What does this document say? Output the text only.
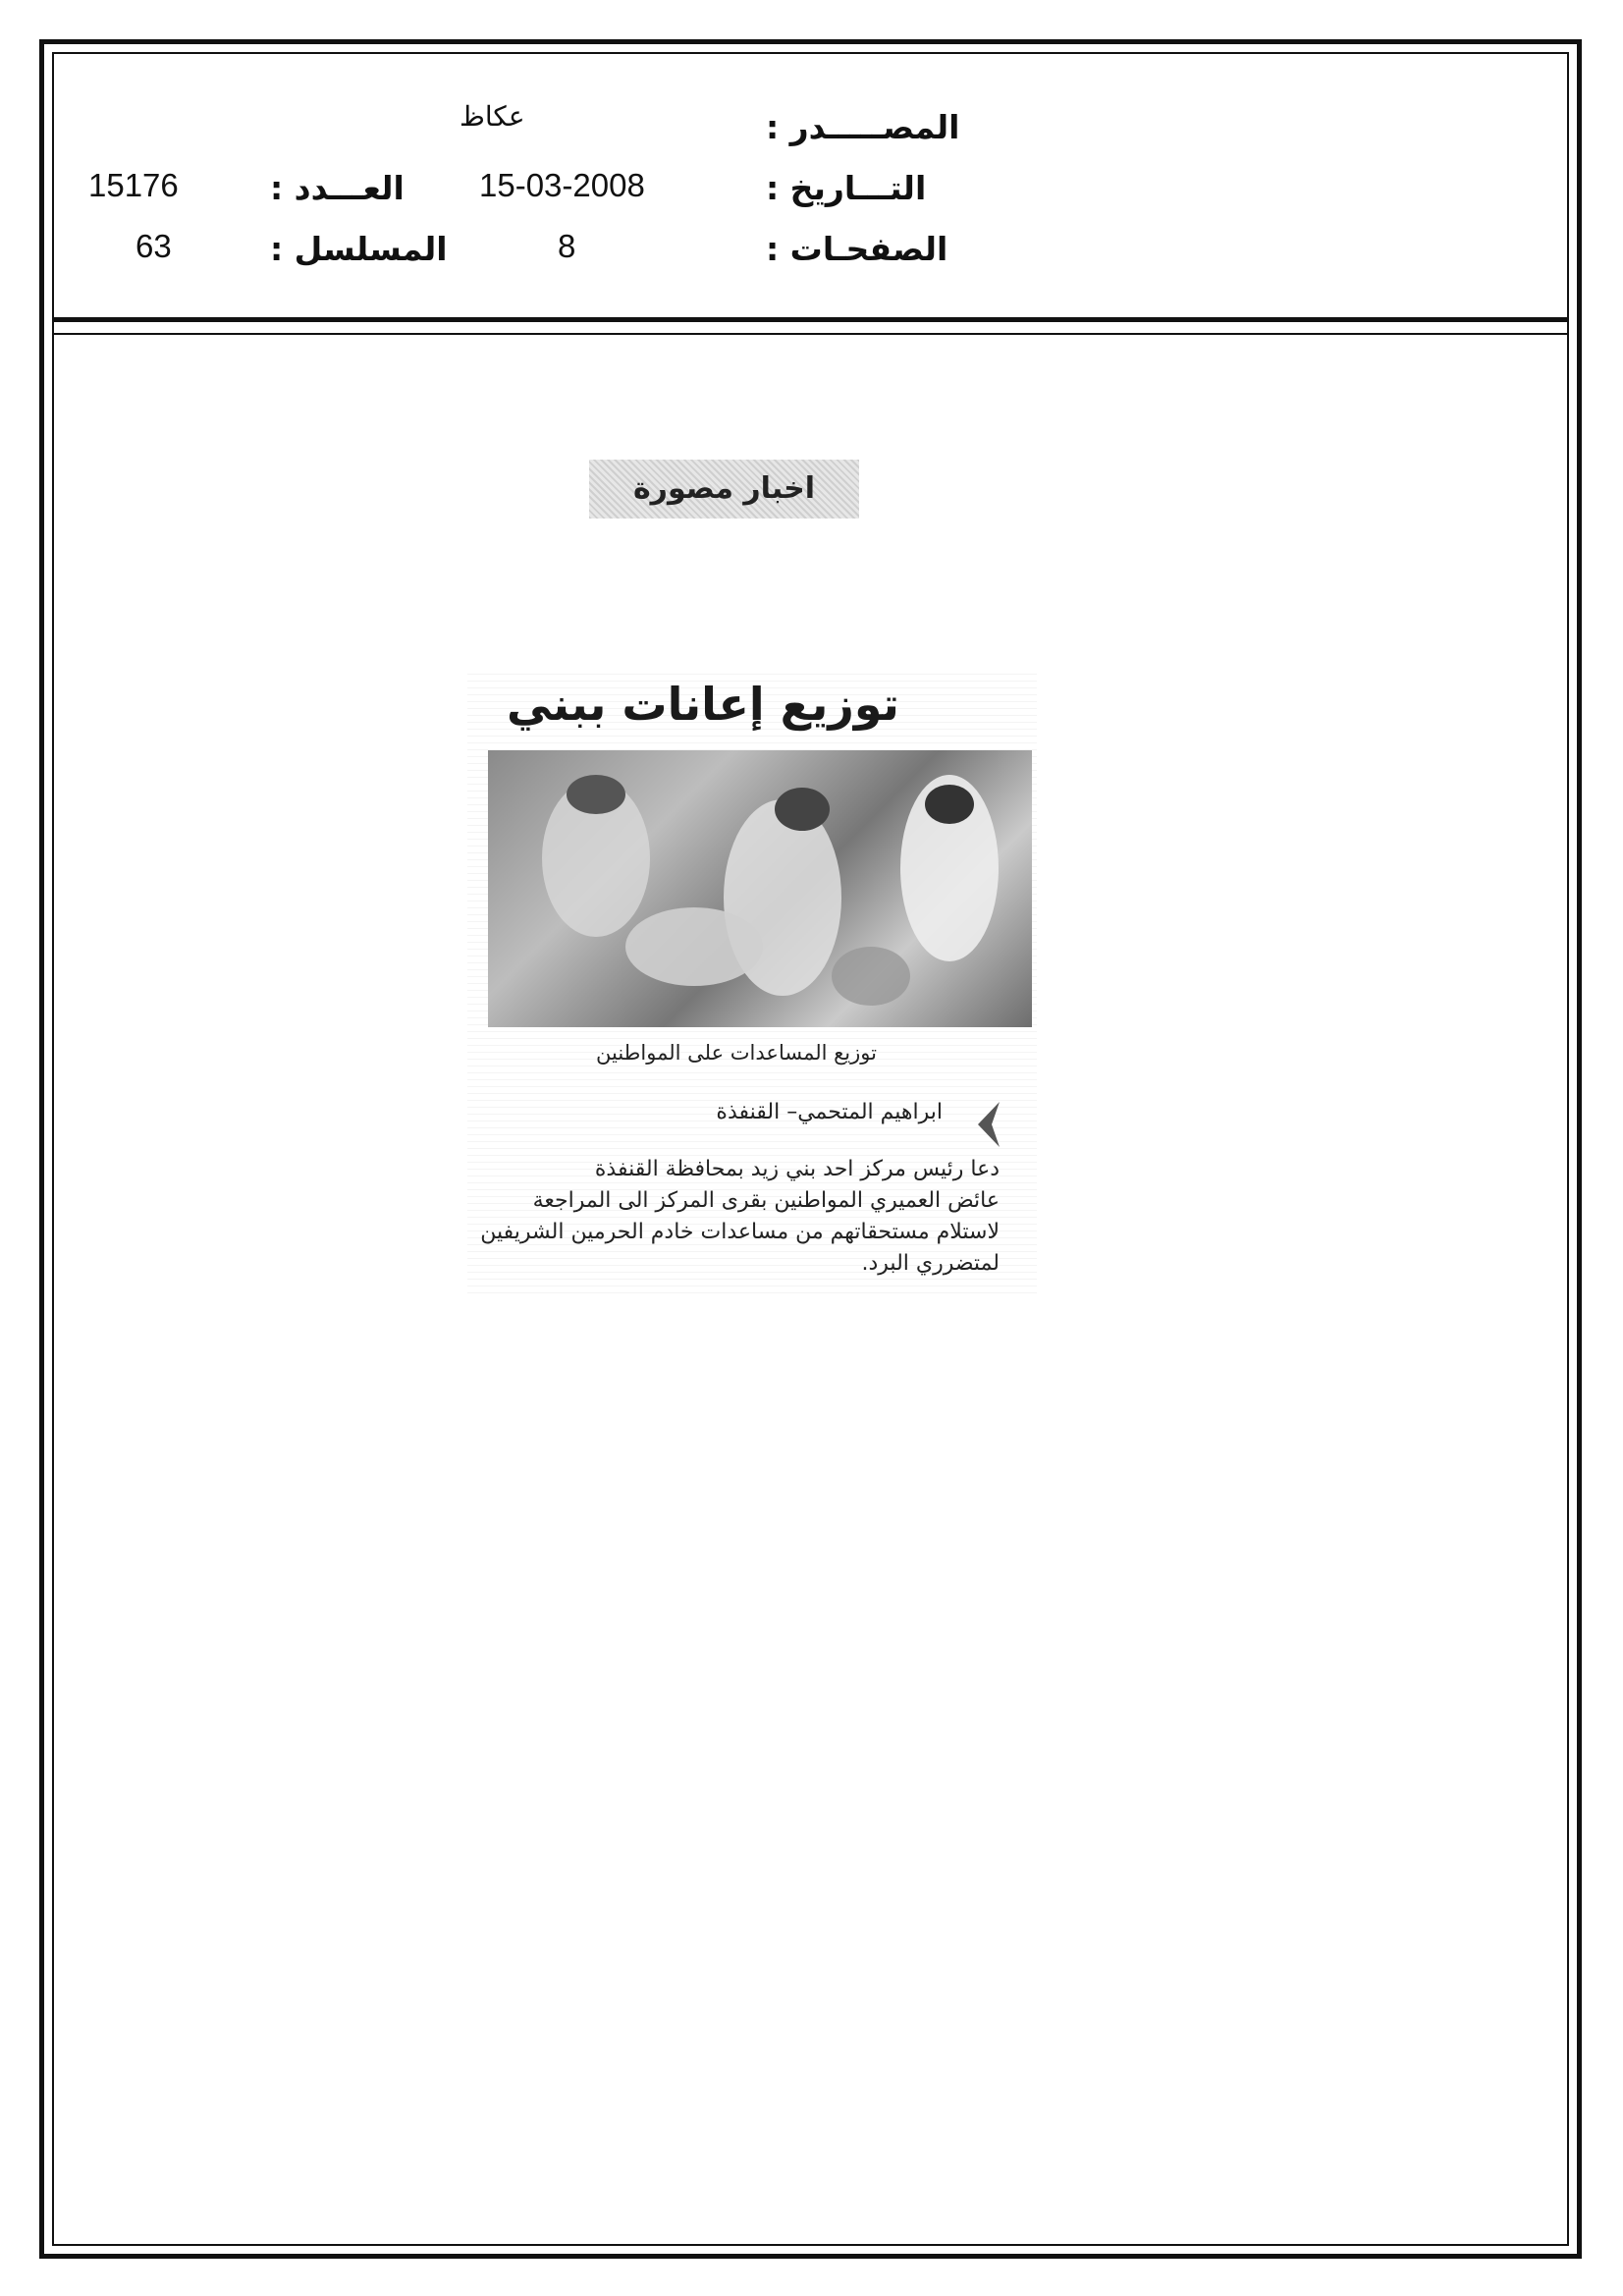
عكاظ	المصـــــدر :
15176	العـــدد : 15-03-2008	التـــاريخ :
63	المسلسل :	8	الصفحـات :
اخبار مصورة
توزيع إعانات ببني
توزيع المساعدات على المواطنين
ابراهيم المتحمي– القنفذة
دعا رئيس مركز احد بني زيد بمحافظة القنفذة
عائض العميري المواطنين بقرى المركز الى المراجعة
لاستلام مستحقاتهم من مساعدات خادم الحرمين الشريفين
لمتضرري البرد.
